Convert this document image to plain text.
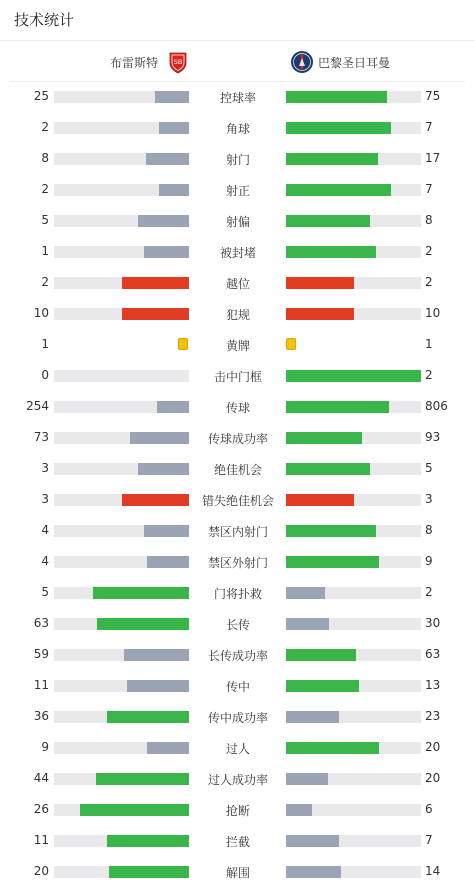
技术统计
布雷斯特 SB	巴黎圣日耳曼
25	控球率	75
2	角球	7
8	射门	17
2	射正	7
5	射偏	8
1	被封堵	2
2	越位	2
10	犯规	10
1	黄牌	1
0	击中门框	2
254	传球	806
73	传球成功率	93
3	绝佳机会	5
3	错失绝佳机会	3
4	禁区内射门	8
4	禁区外射门	9
5	门将扑救	2
63	长传	30
59	长传成功率	63
11	传中	13
36	传中成功率	23
9	过人	20
44	过人成功率	20
26	抢断	6
11	拦截	7
20	解围	14
